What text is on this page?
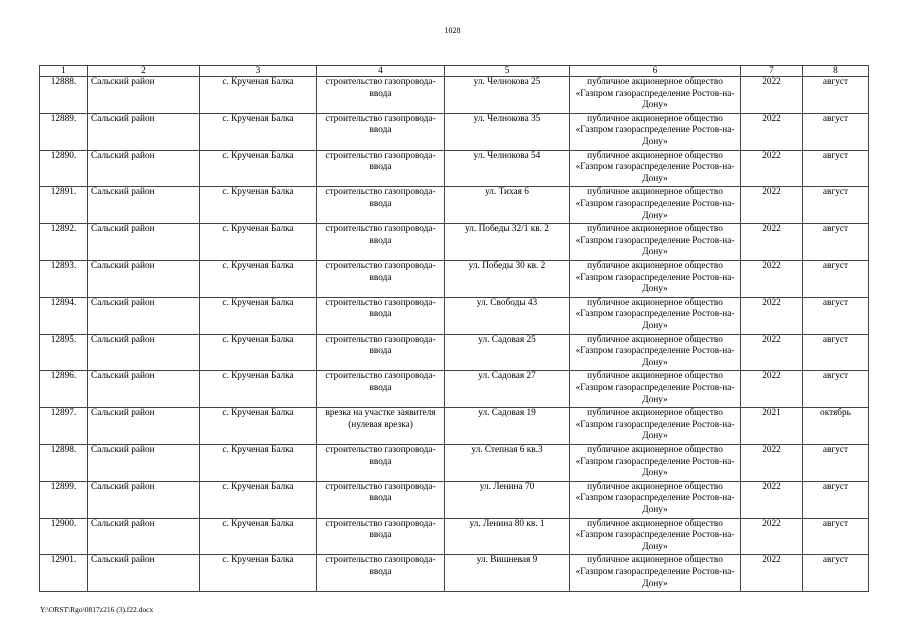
1028
1	2	3	4	5	6	7	8
12888.	Сальский район	с. Крученая Балка	строительство газопровода-ввода	ул. Челнокова 25	публичное акционерное общество «Газпром газораспределение Ростов-на-Дону»	2022	август
12889.	Сальский район	с. Крученая Балка	строительство газопровода-ввода	ул. Челнокова 35	публичное акционерное общество «Газпром газораспределение Ростов-на-Дону»	2022	август
12890.	Сальский район	с. Крученая Балка	строительство газопровода-ввода	ул. Челнокова 54	публичное акционерное общество «Газпром газораспределение Ростов-на-Дону»	2022	август
12891.	Сальский район	с. Крученая Балка	строительство газопровода-ввода	ул. Тихая 6	публичное акционерное общество «Газпром газораспределение Ростов-на-Дону»	2022	август
12892.	Сальский район	с. Крученая Балка	строительство газопровода-ввода	ул. Победы 32/1 кв. 2	публичное акционерное общество «Газпром газораспределение Ростов-на-Дону»	2022	август
12893.	Сальский район	с. Крученая Балка	строительство газопровода-ввода	ул. Победы 30 кв. 2	публичное акционерное общество «Газпром газораспределение Ростов-на-Дону»	2022	август
12894.	Сальский район	с. Крученая Балка	строительство газопровода-ввода	ул. Свободы 43	публичное акционерное общество «Газпром газораспределение Ростов-на-Дону»	2022	август
12895.	Сальский район	с. Крученая Балка	строительство газопровода-ввода	ул. Садовая 25	публичное акционерное общество «Газпром газораспределение Ростов-на-Дону»	2022	август
12896.	Сальский район	с. Крученая Балка	строительство газопровода-ввода	ул. Садовая 27	публичное акционерное общество «Газпром газораспределение Ростов-на-Дону»	2022	август
12897.	Сальский район	с. Крученая Балка	врезка на участке заявителя (нулевая врезка)	ул. Садовая 19	публичное акционерное общество «Газпром газораспределение Ростов-на-Дону»	2021	октябрь
12898.	Сальский район	с. Крученая Балка	строительство газопровода-ввода	ул. Степная 6 кв.3	публичное акционерное общество «Газпром газораспределение Ростов-на-Дону»	2022	август
12899.	Сальский район	с. Крученая Балка	строительство газопровода-ввода	ул. Ленина 70	публичное акционерное общество «Газпром газораспределение Ростов-на-Дону»	2022	август
12900.	Сальский район	с. Крученая Балка	строительство газопровода-ввода	ул. Ленина 80 кв. 1	публичное акционерное общество «Газпром газораспределение Ростов-на-Дону»	2022	август
12901.	Сальский район	с. Крученая Балка	строительство газопровода-ввода	ул. Вишневая 9	публичное акционерное общество «Газпром газораспределение Ростов-на-Дону»	2022	август
Y:\ORST\Rgo\0817z216 (3).f22.docx
